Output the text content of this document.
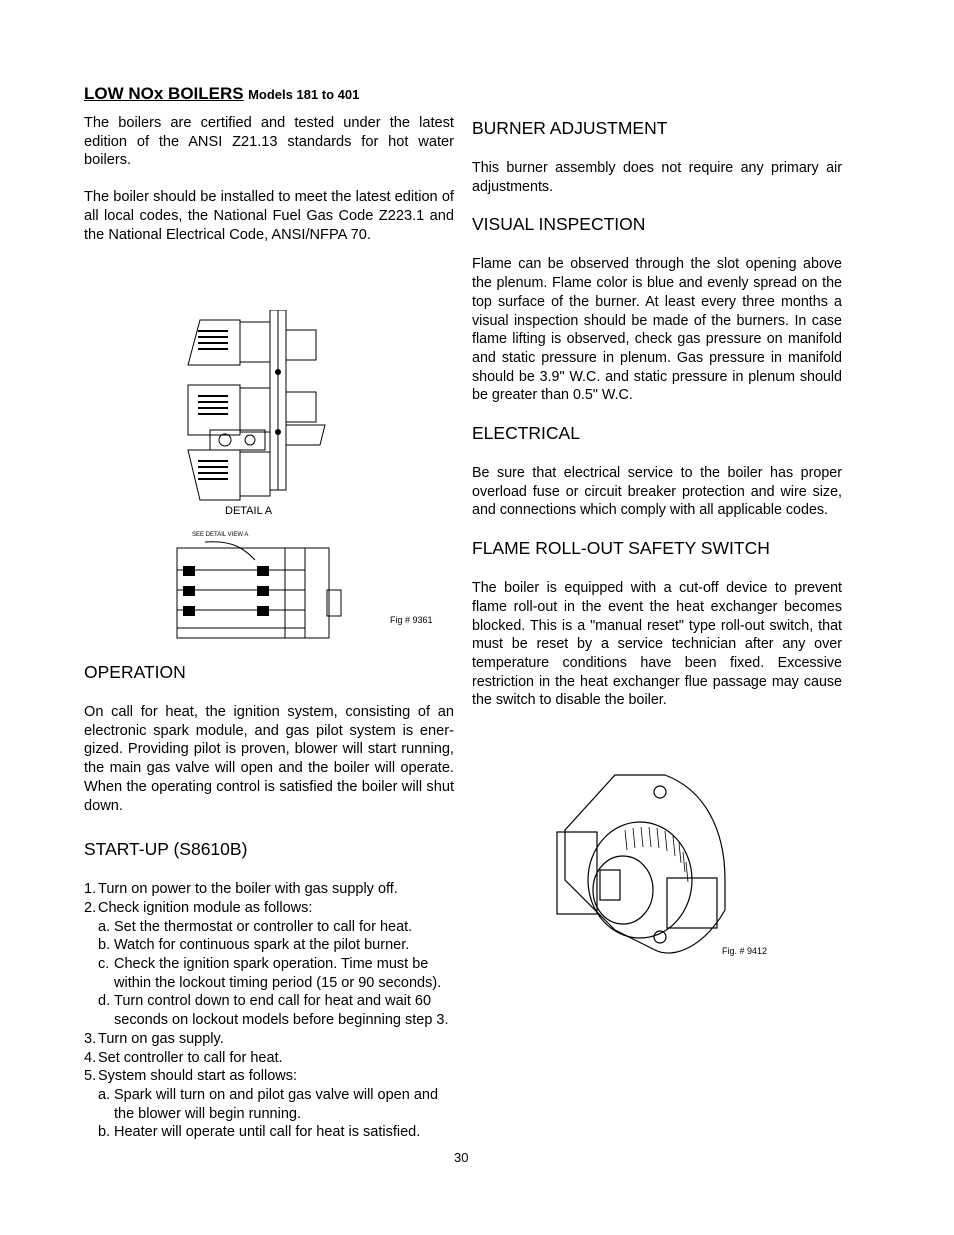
LOW NOx BOILERS Models 181 to 401

The boilers are certified and tested under the latest edition of the ANSI Z21.13 standards for hot water boilers.

The boiler should be installed to meet the latest edition of all local codes, the National Fuel Gas Code Z223.1 and the National Electrical Code, ANSI/NFPA 70.

DETAIL A
SEE DETAIL VIEW A
Fig # 9361
OPERATION

On call for heat, the ignition system, consisting of an electronic spark module, and gas pilot system is ener- gized. Providing pilot is proven, blower will start running, the main gas valve will open and the boiler will operate. When the operating control is satisfied the boiler will shut down.

START-UP (S8610B)
1. Turn on power to the boiler with gas supply off.
2. Check ignition module as follows:
a. Set the thermostat or controller to call for heat.
b. Watch for continuous spark at the pilot burner.
c. Check the ignition spark operation. Time must be within the lockout timing period (15 or 90 seconds).
d. Turn control down to end call for heat and wait 60 seconds on lockout models before beginning step 3.
3. Turn on gas supply.
4. Set controller to call for heat.
5. System should start as follows:
a. Spark will turn on and pilot gas valve will open and the blower will begin running.
b. Heater will operate until call for heat is satisfied.
BURNER ADJUSTMENT

This burner assembly does not require any primary air adjustments.

VISUAL INSPECTION

Flame can be observed through the slot opening above the plenum. Flame color is blue and evenly spread on the top surface of the burner. At least every three months a visual inspection should be made of the burners. In case flame lifting is observed, check gas pressure on manifold and static pressure in plenum. Gas pressure in manifold should be 3.9" W.C. and static pressure in plenum should be greater than 0.5" W.C.

ELECTRICAL

Be sure that electrical service to the boiler has proper overload fuse or circuit breaker protection and wire size, and connections which comply with all applicable codes.

FLAME ROLL-OUT SAFETY SWITCH

The boiler is equipped with a cut-off device to prevent flame roll-out in the event the heat exchanger becomes blocked. This is a "manual reset" type roll-out switch, that must be reset by a service technician after any over temperature conditions have been fixed. Excessive restriction in the heat exchanger flue passage may cause the switch to disable the boiler.

Fig. # 9412
30
